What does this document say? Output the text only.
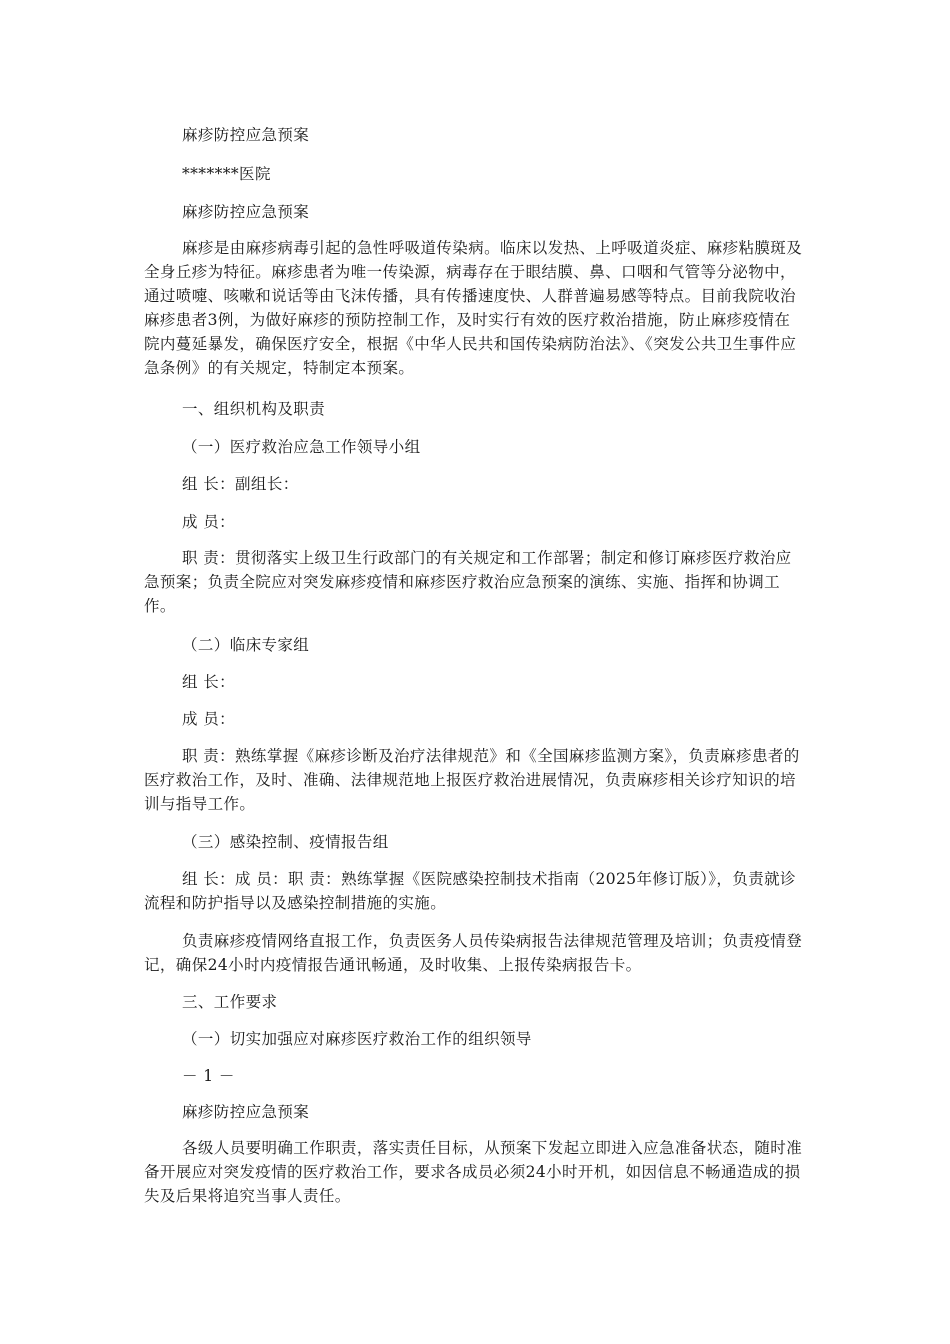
麻疹防控应急预案

*******医院

麻疹防控应急预案

麻疹是由麻疹病毒引起的急性呼吸道传染病。临床以发热、上呼吸道炎症、麻疹粘膜斑及全身丘疹为特征。麻疹患者为唯一传染源，病毒存在于眼结膜、鼻、口咽和气管等分泌物中，通过喷嚏、咳嗽和说话等由飞沫传播，具有传播速度快、人群普遍易感等特点。目前我院收治麻疹患者3例，为做好麻疹的预防控制工作，及时实行有效的医疗救治措施，防止麻疹疫情在院内蔓延暴发，确保医疗安全，根据《中华人民共和国传染病防治法》、《突发公共卫生事件应急条例》的有关规定，特制定本预案。

一、组织机构及职责

（一）医疗救治应急工作领导小组

组 长：副组长：

成 员：

职 责：贯彻落实上级卫生行政部门的有关规定和工作部署；制定和修订麻疹医疗救治应急预案；负责全院应对突发麻疹疫情和麻疹医疗救治应急预案的演练、实施、指挥和协调工作。

（二）临床专家组

组 长：

成 员：

职 责：熟练掌握《麻疹诊断及治疗法律规范》和《全国麻疹监测方案》，负责麻疹患者的医疗救治工作，及时、准确、法律规范地上报医疗救治进展情况，负责麻疹相关诊疗知识的培训与指导工作。

（三）感染控制、疫情报告组

组 长：成 员：职 责：熟练掌握《医院感染控制技术指南（2025年修订版）》，负责就诊流程和防护指导以及感染控制措施的实施。

负责麻疹疫情网络直报工作，负责医务人员传染病报告法律规范管理及培训；负责疫情登记，确保24小时内疫情报告通讯畅通，及时收集、上报传染病报告卡。

三、工作要求

（一）切实加强应对麻疹医疗救治工作的组织领导

－ 1 －

麻疹防控应急预案

各级人员要明确工作职责，落实责任目标，从预案下发起立即进入应急准备状态，随时准备开展应对突发疫情的医疗救治工作，要求各成员必须24小时开机，如因信息不畅通造成的损失及后果将追究当事人责任。
